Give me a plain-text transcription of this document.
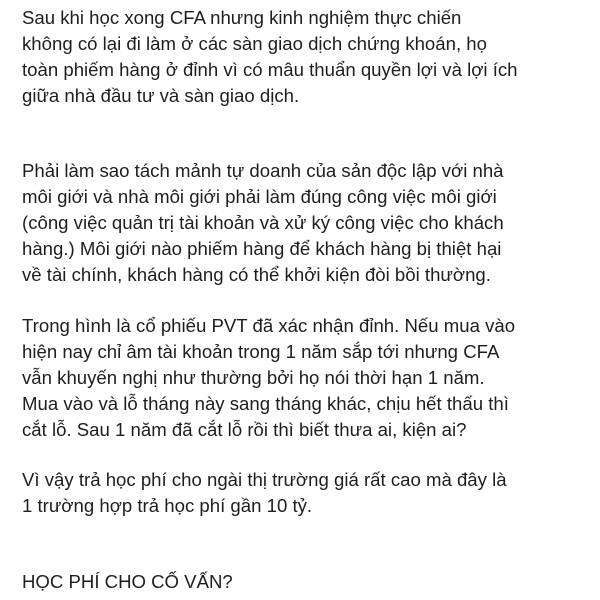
Sau khi học xong CFA nhưng kinh nghiệm thực chiến
không có lại đi làm ở các sàn giao dịch chứng khoán, họ
toàn phiếm hàng ở đỉnh vì có mâu thuẩn quyền lợi và lợi ích
giữa nhà đầu tư và sàn giao dịch.

Phải làm sao tách mảnh tự doanh của sản độc lập với nhà
môi giới và nhà môi giới phải làm đúng công việc môi giới
(công việc quản trị tài khoản và xử ký công việc cho khách
hàng.) Môi giới nào phiếm hàng để khách hàng bị thiệt hại
về tài chính, khách hàng có thể khởi kiện đòi bồi thường.

Trong hình là cổ phiếu PVT đã xác nhận đỉnh. Nếu mua vào
hiện nay chỉ âm tài khoản trong 1 năm sắp tới nhưng CFA
vẫn khuyến nghị như thường bởi họ nói thời hạn 1 năm.
Mua vào và lỗ tháng này sang tháng khác, chịu hết thấu thì
cắt lỗ. Sau 1 năm đã cắt lỗ rồi thì biết thưa ai, kiện ai?

Vì vậy trả học phí cho ngài thị trường giá rất cao mà đây là
1 trường hợp trả học phí gần 10 tỷ.

HỌC PHÍ CHO CỐ VẤN?
